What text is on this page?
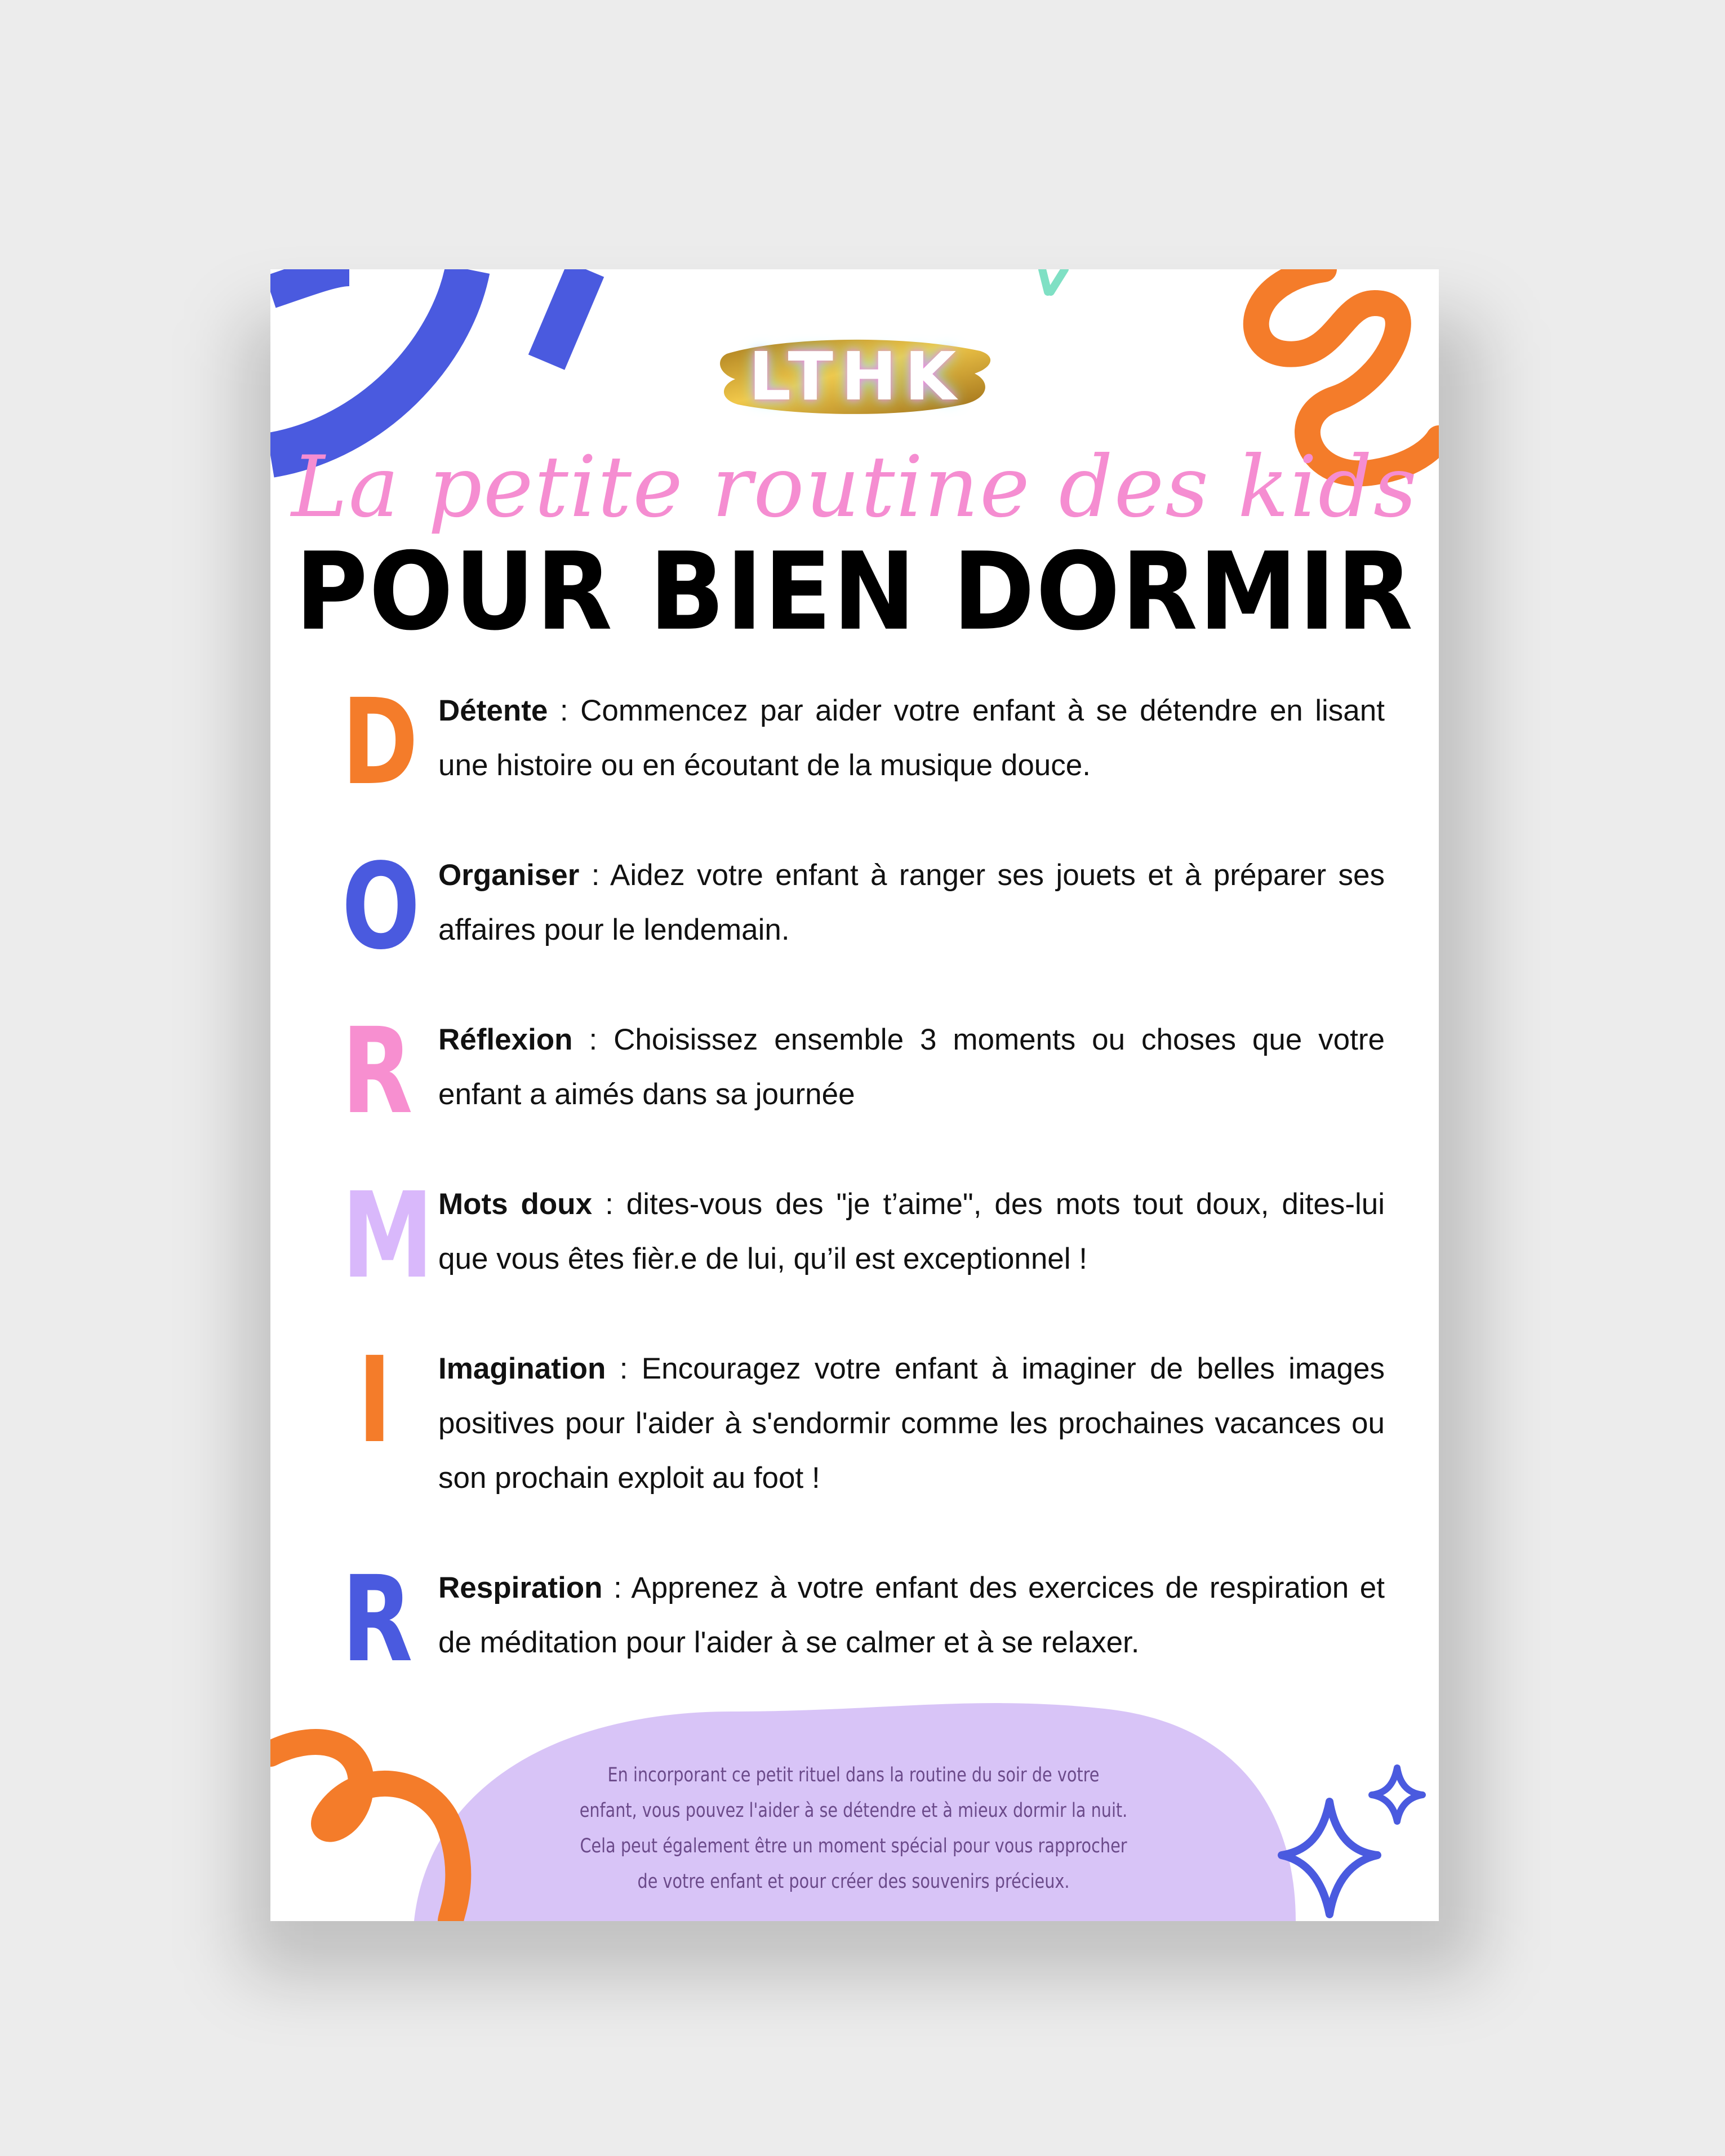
LTHK
La petite routine des kids
POUR BIEN DORMIR
D Détente : Commencez par aider votre enfant à se détendre en lisant une histoire ou en écoutant de la musique douce.
O Organiser : Aidez votre enfant à ranger ses jouets et à préparer ses affaires pour le lendemain.
R Réflexion : Choisissez ensemble 3 moments ou choses que votre enfant a aimés dans sa journée
M Mots doux : dites-vous des "je t’aime", des mots tout doux, dites-lui que vous êtes fièr.e de lui, qu’il est exceptionnel !
I	Imagination : Encouragez votre enfant à imaginer de belles images positives pour l'aider à s'endormir comme les prochaines vacances ou son prochain exploit au foot !
R Respiration : Apprenez à votre enfant des exercices de respiration et de méditation pour l'aider à se calmer et à se relaxer.
En incorporant ce petit rituel dans la routine du soir de votre enfant, vous pouvez l'aider à se détendre et à mieux dormir la nuit. Cela peut également être un moment spécial pour vous rapprocher de votre enfant et pour créer des souvenirs précieux.
